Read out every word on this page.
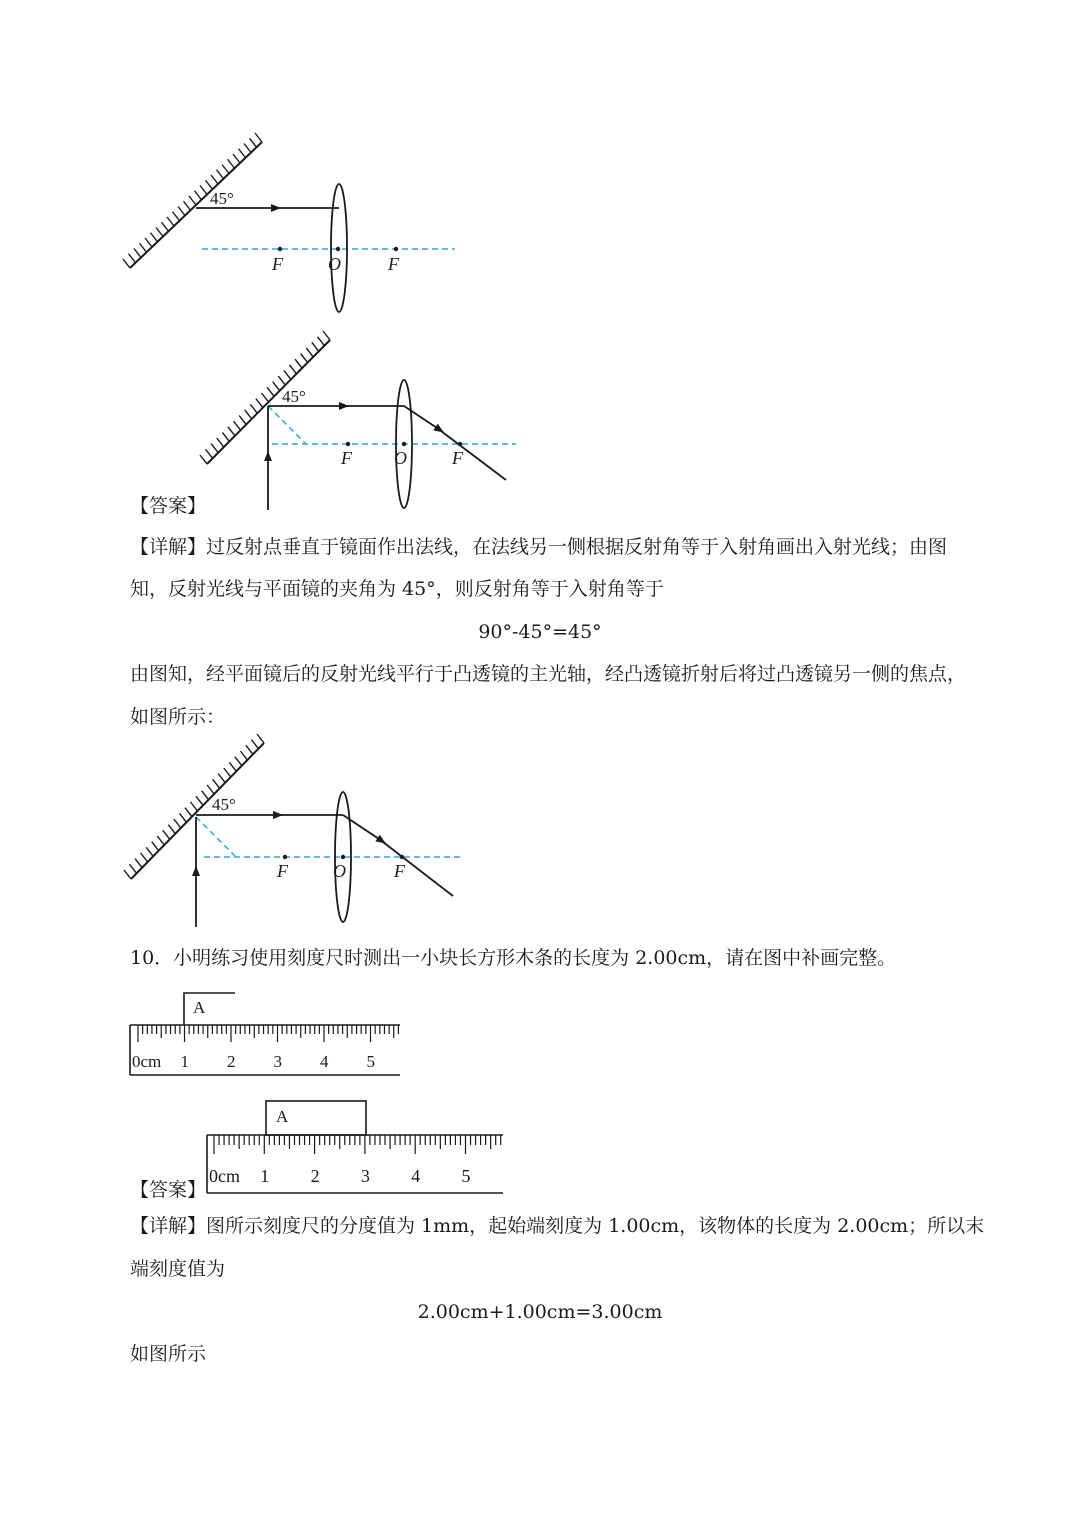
45°
F	O	F
45°
F O	F
【答案】
【详解】过反射点垂直于镜面作出法线，在法线另一侧根据反射角等于入射角画出入射光线；由图
知，反射光线与平面镜的夹角为 45°，则反射角等于入射角等于
90°-45°=45°
由图知，经平面镜后的反射光线平行于凸透镜的主光轴，经凸透镜折射后将过凸透镜另一侧的焦点，
如图所示：
45°
F	O	F
10．小明练习使用刻度尺时测出一小块长方形木条的长度为 2.00cm，请在图中补画完整。
A
0cm 1 2 3 4 5
A
0cm 1 2 3 4 5
【答案】
【详解】图所示刻度尺的分度值为 1mm，起始端刻度为 1.00cm，该物体的长度为 2.00cm；所以末
端刻度值为
2.00cm+1.00cm=3.00cm
如图所示
